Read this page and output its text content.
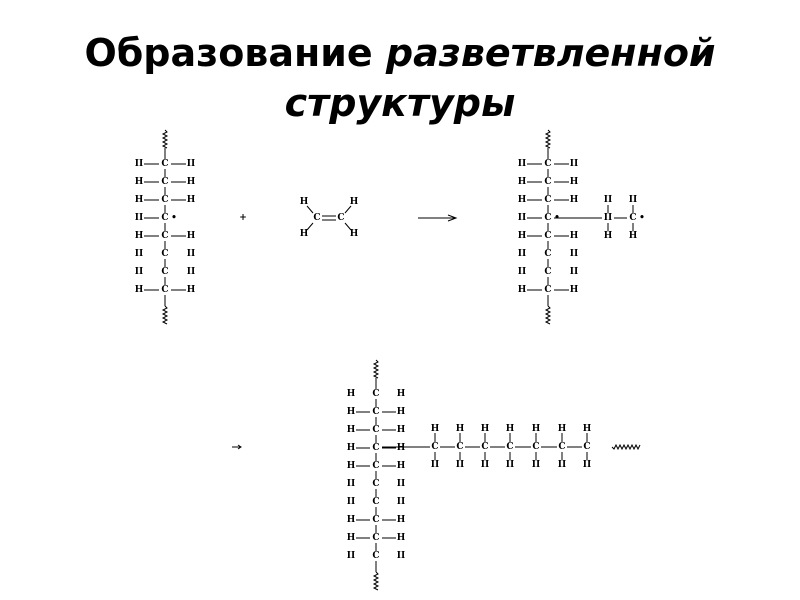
Образование разветвленной
структуры
C
II	II
C
H	H
C
H	H
C
II	•
C
H	H
C
II	II
C
II	II
C
H	H
+	C C
H	H
H	H
C
II	II
C
H	H
C
H	H
C
II	•
C
H	H
C
II	II
C
II	II
C
H	H
II C •
II II
H H
C
H	H
C
H	H
C
H	H
C
H	H
C
H	H
C
II	II
C
II	II
C
H	H
C
H	H
C
II	II
H
C
II
H
C
II
H
C
II
H
C
II
H
C
II
H
C
II
H
C
II
